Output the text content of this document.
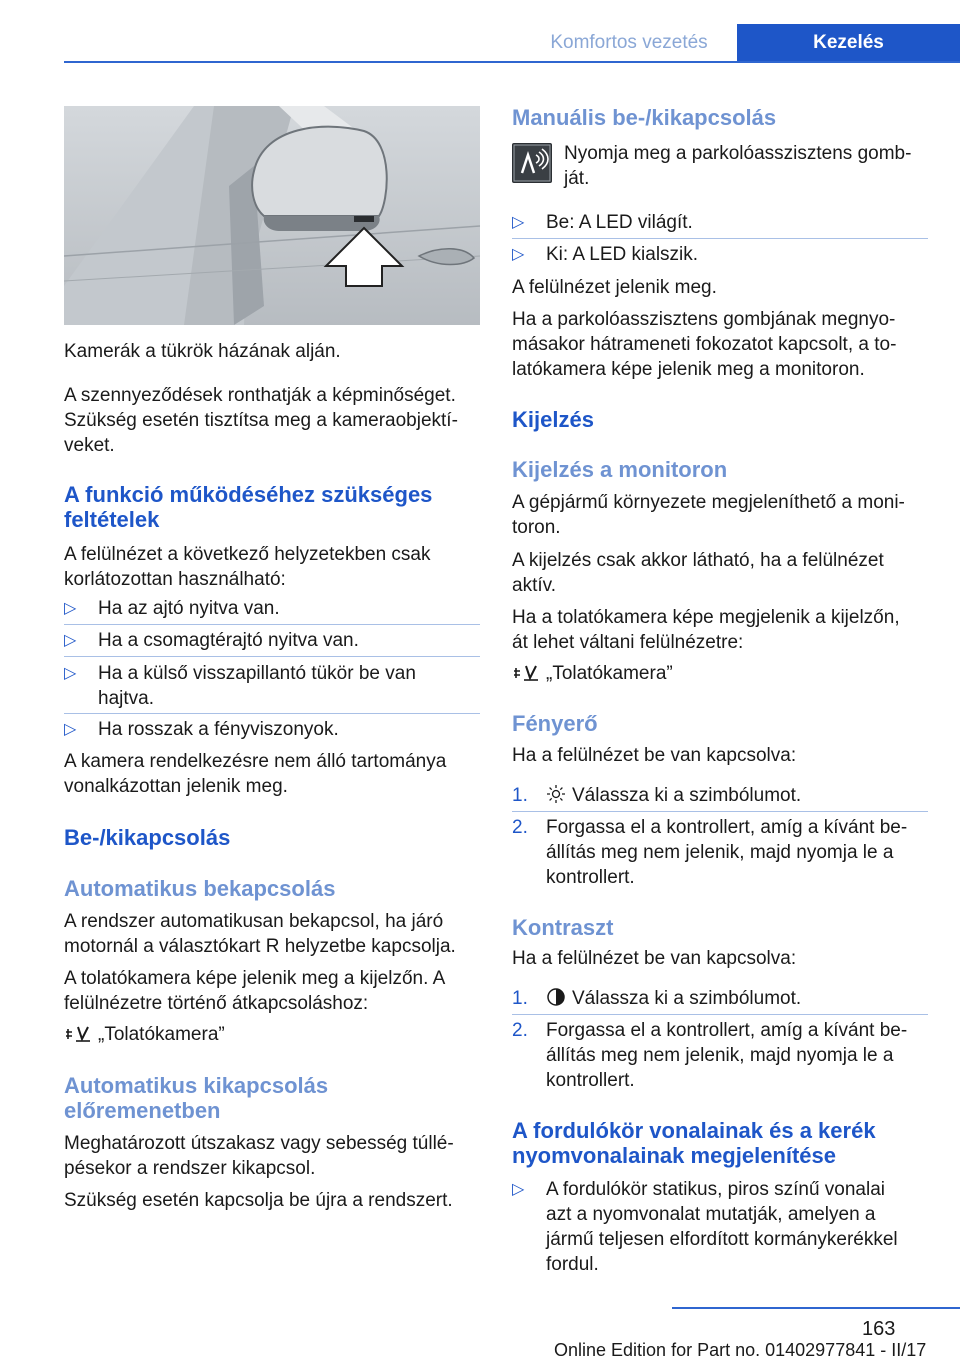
Komfortos vezetés	Kezelés

Kamerák a tükrök házának alján.

A szennyeződések ronthatják a képminőséget.

Szükség esetén tisztítsa meg a kameraobjektí-

veket.

A funkció működéséhez szükséges
feltételek

A felülnézet a következő helyzetekben csak

korlátozottan használható:

▷ Ha az ajtó nyitva van.
▷ Ha a csomagtérajtó nyitva van.
▷ Ha a külső visszapillantó tükör be van
hajtva.
▷ Ha rosszak a fényviszonyok.

A kamera rendelkezésre nem álló tartománya

vonalkázottan jelenik meg.

Be-/kikapcsolás
Automatikus bekapcsolás

A rendszer automatikusan bekapcsol, ha járó

motornál a választókart R helyzetbe kapcsolja.

A tolatókamera képe jelenik meg a kijelzőn. A

felülnézetre történő átkapcsoláshoz:

„Tolatókamera”
Automatikus kikapcsolás
előremenetben

Meghatározott útszakasz vagy sebesség túllé-

pésekor a rendszer kikapcsol.

Szükség esetén kapcsolja be újra a rendszert.

Manuális be-/kikapcsolás

Nyomja meg a parkolóasszisztens gomb-

ját.

▷ Be: A LED világít.
▷ Ki: A LED kialszik.

A felülnézet jelenik meg.

Ha a parkolóasszisztens gombjának megnyo-

másakor hátrameneti fokozatot kapcsolt, a to-

latókamera képe jelenik meg a monitoron.

Kijelzés
Kijelzés a monitoron

A gépjármű környezete megjeleníthető a moni-

toron.

A kijelzés csak akkor látható, ha a felülnézet

aktív.

Ha a tolatókamera képe megjelenik a kijelzőn,

át lehet váltani felülnézetre:

„Tolatókamera”
Fényerő

Ha a felülnézet be van kapcsolva:

1.	Válassza ki a szimbólumot.
2. Forgassa el a kontrollert, amíg a kívánt be-
állítás meg nem jelenik, majd nyomja le a
kontrollert.
Kontraszt

Ha a felülnézet be van kapcsolva:

1.	Válassza ki a szimbólumot.
2. Forgassa el a kontrollert, amíg a kívánt be-
állítás meg nem jelenik, majd nyomja le a
kontrollert.
A fordulókör vonalainak és a kerék
nyomvonalainak megjelenítése
▷ A fordulókör statikus, piros színű vonalai
azt a nyomvonalat mutatják, amelyen a
jármű teljesen elfordított kormánykerékkel
fordul.
163
Online Edition for Part no. 01402977841 - II/17
